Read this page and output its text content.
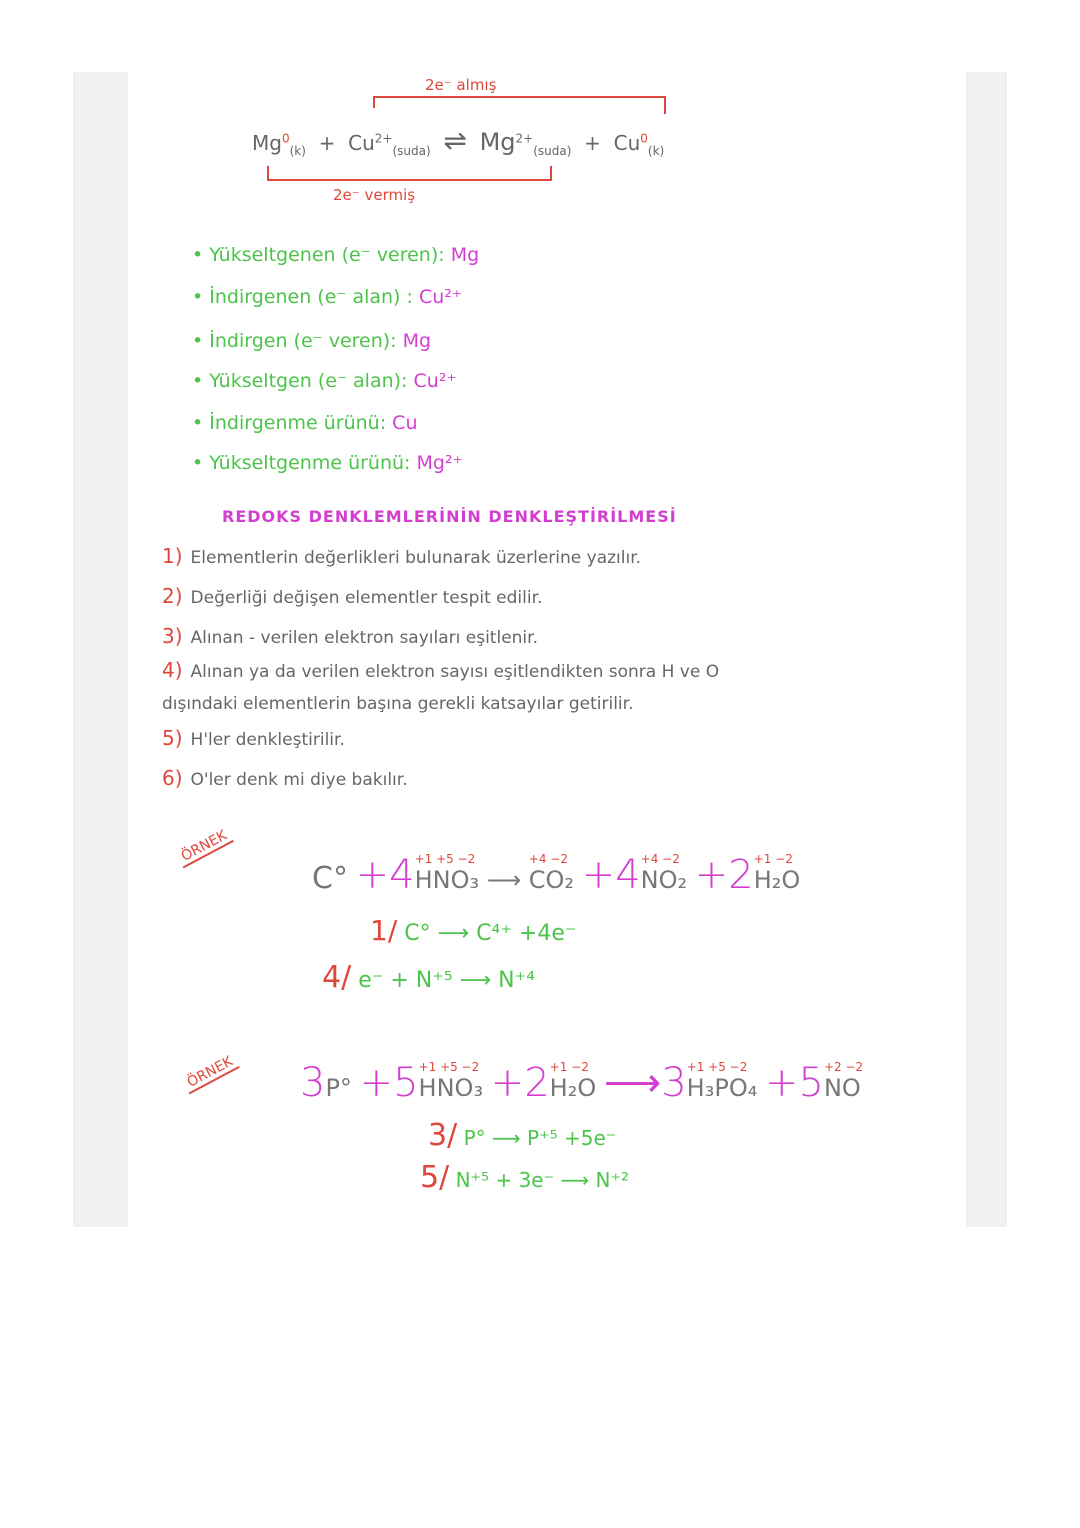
2e⁻ almış
2e⁻ vermiş
$Mg^0_{(k)} + Cu^{2+}_{(suda)}$ ⇌ $Mg^{2+}_{(suda)} + Cu^0_{(k)}$
• Yükseltgenen (e⁻ veren): Mg
• İndirgenen (e⁻ alan) : Cu²⁺
• İndirgen (e⁻ veren): Mg
• Yükseltgen (e⁻ alan): Cu²⁺
• İndirgenme ürünü: Cu
• Yükseltgenme ürünü: Mg²⁺
REDOKS DENKLEMLERİNİN DENKLEŞTİRİLMESİ
1) Elementlerin değerlikleri bulunarak üzerlerine yazılır.
2) Değerliği değişen elementler tespit edilir.
3) Alınan - verilen elektron sayıları eşitlenir.
4) Alınan ya da verilen elektron sayısı eşitlendikten sonra H ve O
dışındaki elementlerin başına gerekli katsayılar getirilir.
5) H'ler denkleştirilir.
6) O'ler denk mi diye bakılır.
ÖRNEK
C° +4 +1 +5 −2
HNO₃ ⟶
+4 −2
CO₂ +4 +4 −2
NO₂ +2 +1 −2
H₂O
1/ C° ⟶ C⁴⁺ +4e⁻
4/ e⁻ + N⁺⁵ ⟶ N⁺⁴
ÖRNEK 3P° +5 +1 +5 −2
HNO₃ +2 +1 −2
H₂O ⟶3 +1 +5 −2
H₃PO₄ +5 +2 −2
NO
3/ P° ⟶ P⁺⁵ +5e⁻
5/ N⁺⁵ + 3e⁻ ⟶ N⁺²
